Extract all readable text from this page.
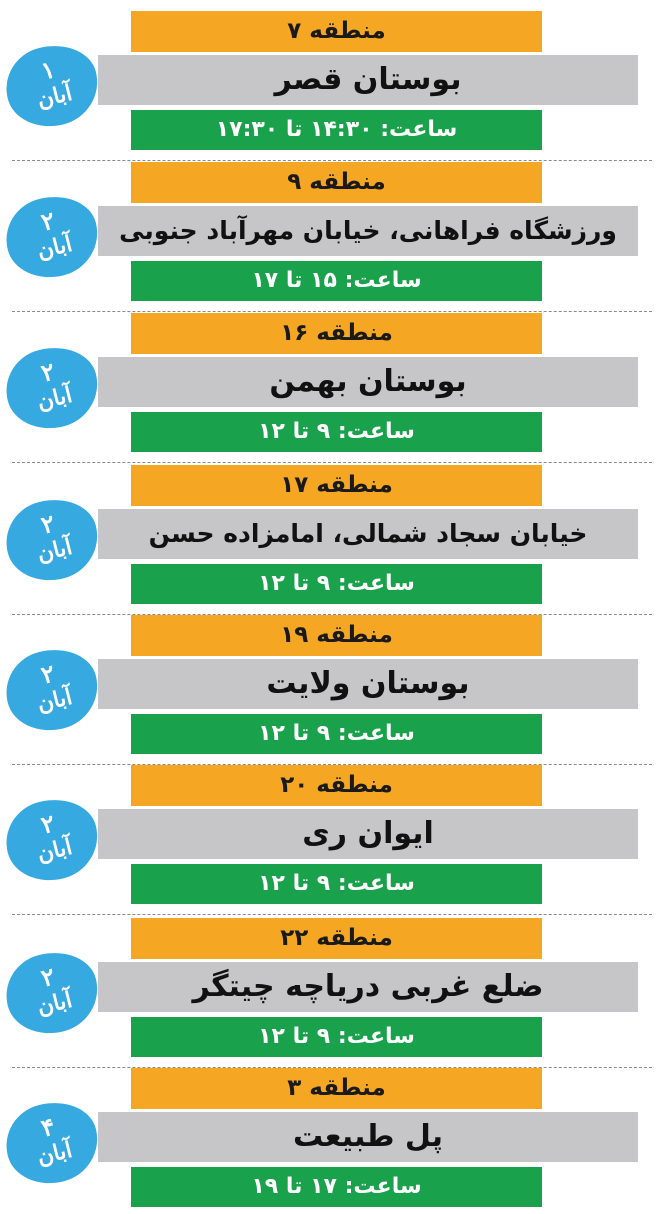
منطقه ۷
بوستان قصر
ساعت: ۱۴:۳۰ تا ۱۷:۳۰
۱
آبان
منطقه ۹
ورزشگاه فراهانی، خیابان مهرآباد جنوبی
ساعت: ۱۵ تا ۱۷
۲
آبان
منطقه ۱۶
بوستان بهمن
ساعت: ۹ تا ۱۲
۲
آبان
منطقه ۱۷
خیابان سجاد شمالی، امامزاده حسن
ساعت: ۹ تا ۱۲
۲
آبان
منطقه ۱۹
بوستان ولایت
ساعت: ۹ تا ۱۲
۲
آبان
منطقه ۲۰
ایوان ری
ساعت: ۹ تا ۱۲
۲
آبان
منطقه ۲۲
ضلع غربی دریاچه چیتگر
ساعت: ۹ تا ۱۲
۲
آبان
منطقه ۳
پل طبیعت
ساعت: ۱۷ تا ۱۹
۴
آبان
